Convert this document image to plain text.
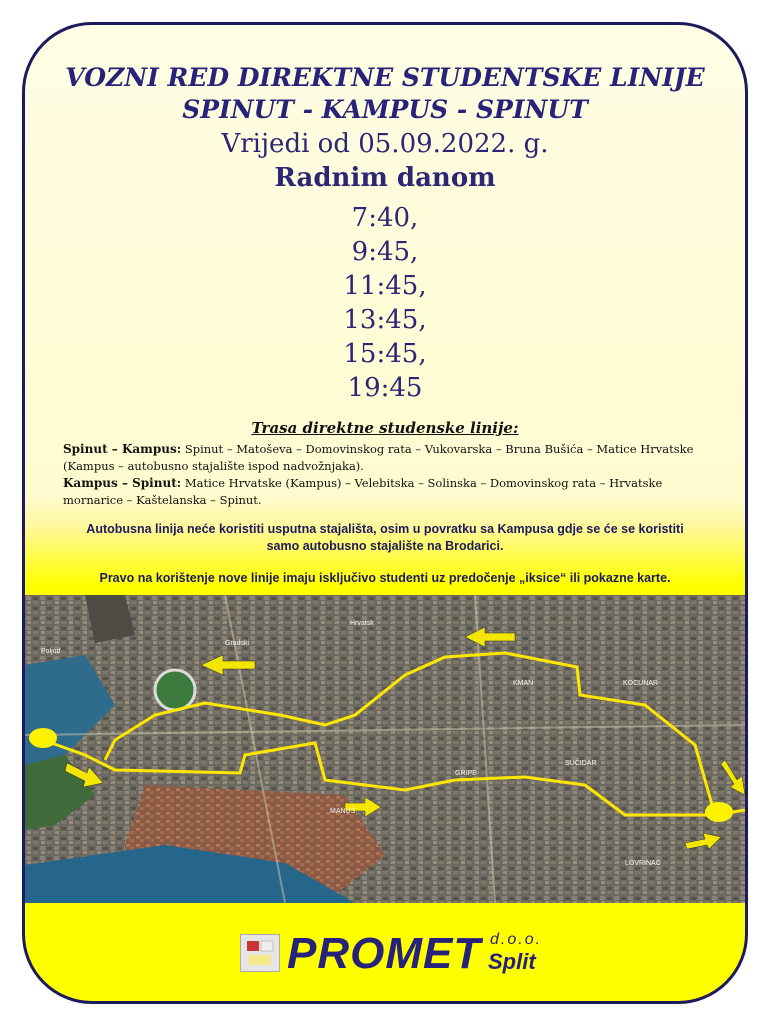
VOZNI RED DIREKTNE STUDENTSKE LINIJE
SPINUT - KAMPUS - SPINUT
Vrijedi od 05.09.2022. g.
Radnim danom
7:40,
9:45,
11:45,
13:45,
15:45,
19:45
Trasa direktne studenske linije:
Spinut – Kampus: Spinut – Matoševa – Domovinskog rata – Vukovarska – Bruna Bušića – Matice Hrvatske (Kampus – autobusno stajalište ispod nadvožnjaka).
Kampus – Spinut: Matice Hrvatske (Kampus) – Velebitska – Solinska – Domovinskog rata – Hrvatske mornarice – Kaštelanska – Spinut.
Autobusna linija neće koristiti usputna stajališta, osim u povratku sa Kampusa gdje se će se koristiti samo autobusno stajalište na Brodarici.
Pravo na korištenje nove linije imaju isključivo studenti uz predočenje „iksice“ ili pokazne karte.
Poljud
Gradski
Hrvatsk
KMAN	KOCUNAR
MANUŠ
GRIPE
SUČIDAR
LOVRINAC
PROMET d.o.o.
Split
